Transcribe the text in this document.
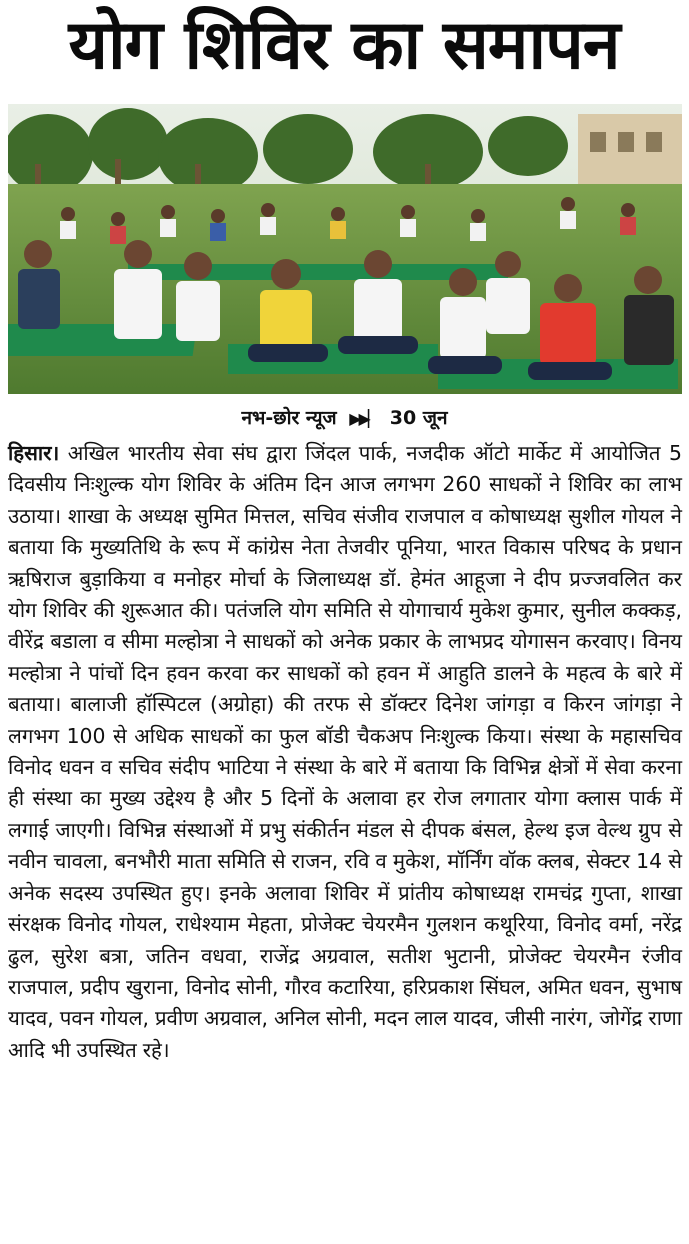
योग शिविर का समापन
नभ-छोर न्यूज ▶▶▏ 30 जून

हिसार। अखिल भारतीय सेवा संघ द्वारा जिंदल पार्क, नजदीक ऑटो मार्केट में आयोजित 5 दिवसीय निःशुल्क योग शिविर के अंतिम दिन आज लगभग 260 साधकों ने शिविर का लाभ उठाया। शाखा के अध्यक्ष सुमित मित्तल, सचिव संजीव राजपाल व कोषाध्यक्ष सुशील गोयल ने बताया कि मुख्यतिथि के रूप में कांग्रेस नेता तेजवीर पूनिया, भारत विकास परिषद के प्रधान ऋषिराज बुड़ाकिया व मनोहर मोर्चा के जिलाध्यक्ष डॉ. हेमंत आहूजा ने दीप प्रज्जवलित कर योग शिविर की शुरूआत की। पतंजलि योग समिति से योगाचार्य मुकेश कुमार, सुनील कक्कड़, वीरेंद्र बडाला व सीमा मल्होत्रा ने साधकों को अनेक प्रकार के लाभप्रद योगासन करवाए। विनय मल्होत्रा ने पांचों दिन हवन करवा कर साधकों को हवन में आहुति डालने के महत्व के बारे में बताया। बालाजी हॉस्पिटल (अग्रोहा) की तरफ से डॉक्टर दिनेश जांगड़ा व किरन जांगड़ा ने लगभग 100 से अधिक साधकों का फुल बॉडी चैकअप निःशुल्क किया। संस्था के महासचिव विनोद धवन व सचिव संदीप भाटिया ने संस्था के बारे में बताया कि विभिन्न क्षेत्रों में सेवा करना ही संस्था का मुख्य उद्देश्य है और 5 दिनों के अलावा हर रोज लगातार योगा क्लास पार्क में लगाई जाएगी। विभिन्न संस्थाओं में प्रभु संकीर्तन मंडल से दीपक बंसल, हेल्थ इज वेल्थ ग्रुप से नवीन चावला, बनभौरी माता समिति से राजन, रवि व मुकेश, मॉर्निंग वॉक क्लब, सेक्टर 14 से अनेक सदस्य उपस्थित हुए। इनके अलावा शिविर में प्रांतीय कोषाध्यक्ष रामचंद्र गुप्ता, शाखा संरक्षक विनोद गोयल, राधेश्याम मेहता, प्रोजेक्ट चेयरमैन गुलशन कथूरिया, विनोद वर्मा, नरेंद्र ढुल, सुरेश बत्रा, जतिन वधवा, राजेंद्र अग्रवाल, सतीश भुटानी, प्रोजेक्ट चेयरमैन रंजीव राजपाल, प्रदीप खुराना, विनोद सोनी, गौरव कटारिया, हरिप्रकाश सिंघल, अमित धवन, सुभाष यादव, पवन गोयल, प्रवीण अग्रवाल, अनिल सोनी, मदन लाल यादव, जीसी नारंग, जोगेंद्र राणा आदि भी उपस्थित रहे।
